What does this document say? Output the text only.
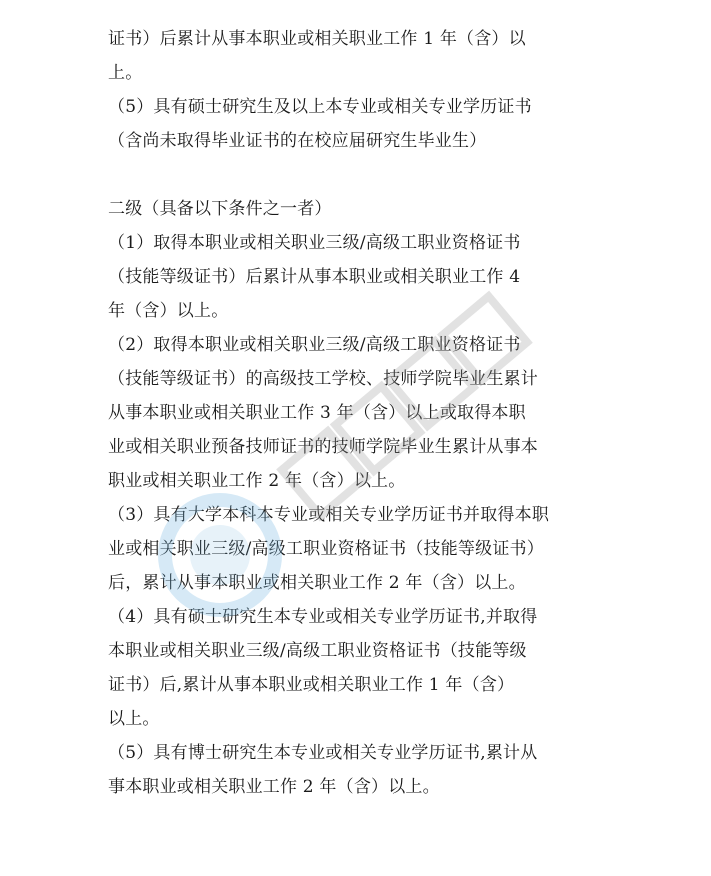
证书）后累计从事本职业或相关职业工作 1 年（含）以
上。
（5）具有硕士研究生及以上本专业或相关专业学历证书
（含尚未取得毕业证书的在校应届研究生毕业生）
二级（具备以下条件之一者）
（1）取得本职业或相关职业三级/高级工职业资格证书
（技能等级证书）后累计从事本职业或相关职业工作 4
年（含）以上。
（2）取得本职业或相关职业三级/高级工职业资格证书
（技能等级证书）的高级技工学校、技师学院毕业生累计
从事本职业或相关职业工作 3 年（含）以上或取得本职
业或相关职业预备技师证书的技师学院毕业生累计从事本
职业或相关职业工作 2 年（含）以上。
（3）具有大学本科本专业或相关专业学历证书并取得本职
业或相关职业三级/高级工职业资格证书（技能等级证书）
后，累计从事本职业或相关职业工作 2 年（含）以上。
（4）具有硕士研究生本专业或相关专业学历证书,并取得
本职业或相关职业三级/高级工职业资格证书（技能等级
证书）后,累计从事本职业或相关职业工作 1 年（含）
以上。
（5）具有博士研究生本专业或相关专业学历证书,累计从
事本职业或相关职业工作 2 年（含）以上。
